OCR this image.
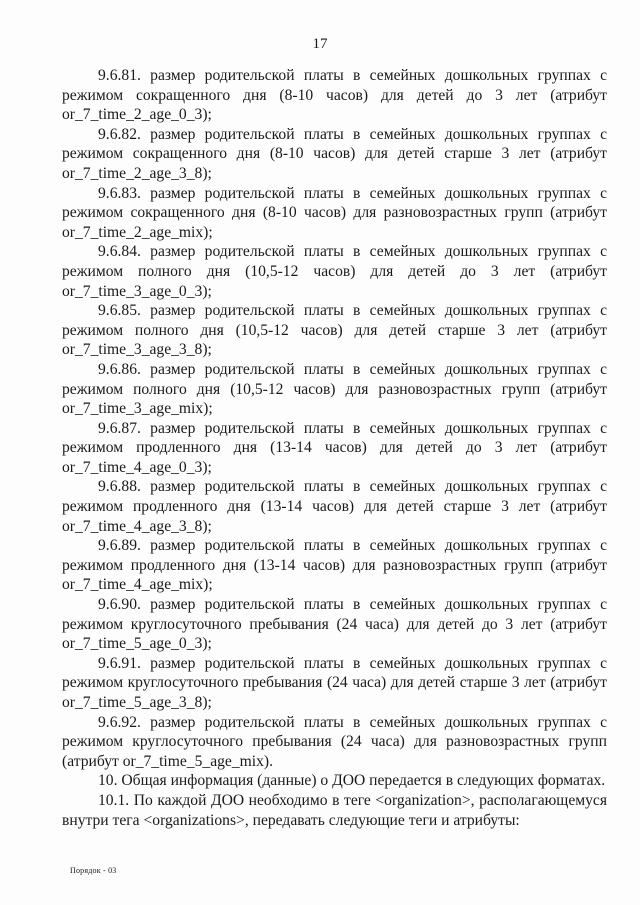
17

9.6.81. размер родительской платы в семейных дошкольных группах с режимом сокращенного дня (8-10 часов) для детей до 3 лет (атрибут or_7_time_2_age_0_3);

9.6.82. размер родительской платы в семейных дошкольных группах с режимом сокращенного дня (8-10 часов) для детей старше 3 лет (атрибут or_7_time_2_age_3_8);

9.6.83. размер родительской платы в семейных дошкольных группах с режимом сокращенного дня (8-10 часов) для разновозрастных групп (атрибут or_7_time_2_age_mix);

9.6.84. размер родительской платы в семейных дошкольных группах с режимом полного дня (10,5-12 часов) для детей до 3 лет (атрибут or_7_time_3_age_0_3);

9.6.85. размер родительской платы в семейных дошкольных группах с режимом полного дня (10,5-12 часов) для детей старше 3 лет (атрибут or_7_time_3_age_3_8);

9.6.86. размер родительской платы в семейных дошкольных группах с режимом полного дня (10,5-12 часов) для разновозрастных групп (атрибут or_7_time_3_age_mix);

9.6.87. размер родительской платы в семейных дошкольных группах с режимом продленного дня (13-14 часов) для детей до 3 лет (атрибут or_7_time_4_age_0_3);

9.6.88. размер родительской платы в семейных дошкольных группах с режимом продленного дня (13-14 часов) для детей старше 3 лет (атрибут or_7_time_4_age_3_8);

9.6.89. размер родительской платы в семейных дошкольных группах с режимом продленного дня (13-14 часов) для разновозрастных групп (атрибут or_7_time_4_age_mix);

9.6.90. размер родительской платы в семейных дошкольных группах с режимом круглосуточного пребывания (24 часа) для детей до 3 лет (атрибут or_7_time_5_age_0_3);

9.6.91. размер родительской платы в семейных дошкольных группах с режимом круглосуточного пребывания (24 часа) для детей старше 3 лет (атрибут or_7_time_5_age_3_8);

9.6.92. размер родительской платы в семейных дошкольных группах с режимом круглосуточного пребывания (24 часа) для разновозрастных групп (атрибут or_7_time_5_age_mix).

10. Общая информация (данные) о ДОО передается в следующих форматах.

10.1. По каждой ДОО необходимо в теге <organization>, располагающемуся внутри тега <organizations>, передавать следующие теги и атрибуты:

Порядок - 03
